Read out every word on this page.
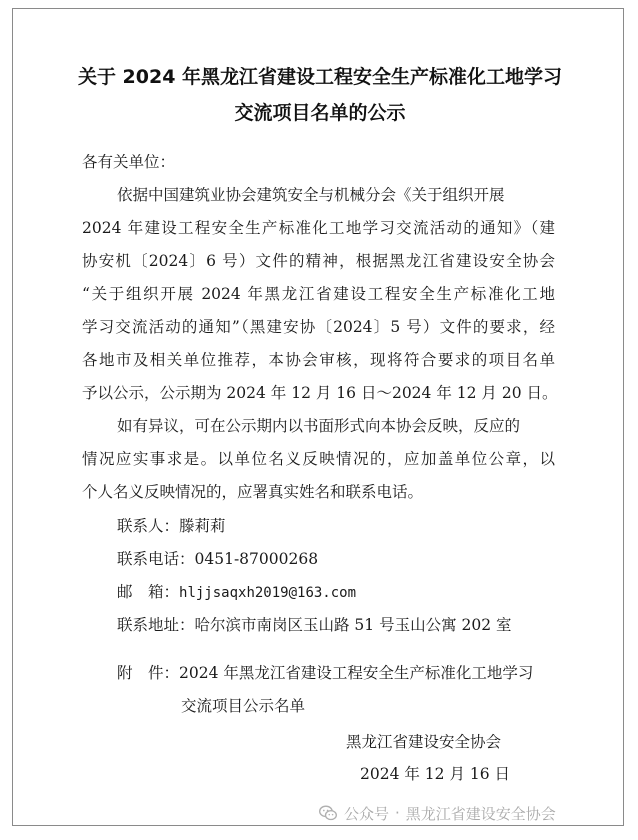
关于 2024 年黑龙江省建设工程安全生产标准化工地学习
交流项目名单的公示
各有关单位：
依据中国建筑业协会建筑安全与机械分会《关于组织开展
2024 年建设工程安全生产标准化工地学习交流活动的通知》（建
协安机〔2024〕6 号）文件的精神，根据黑龙江省建设安全协会
“关于组织开展 2024 年黑龙江省建设工程安全生产标准化工地
学习交流活动的通知”（黑建安协〔2024〕5 号）文件的要求，经
各地市及相关单位推荐，本协会审核，现将符合要求的项目名单
予以公示，公示期为 2024 年 12 月 16 日～2024 年 12 月 20 日。
如有异议，可在公示期内以书面形式向本协会反映，反应的
情况应实事求是。以单位名义反映情况的，应加盖单位公章，以
个人名义反映情况的，应署真实姓名和联系电话。
联系人：滕莉莉
联系电话：0451-87000268
邮　箱：hljjsaqxh2019@163.com
联系地址：哈尔滨市南岗区玉山路 51 号玉山公寓 202 室
附　件：2024 年黑龙江省建设工程安全生产标准化工地学习
交流项目公示名单
黑龙江省建设安全协会
2024 年 12 月 16 日
公众号 · 黑龙江省建设安全协会
